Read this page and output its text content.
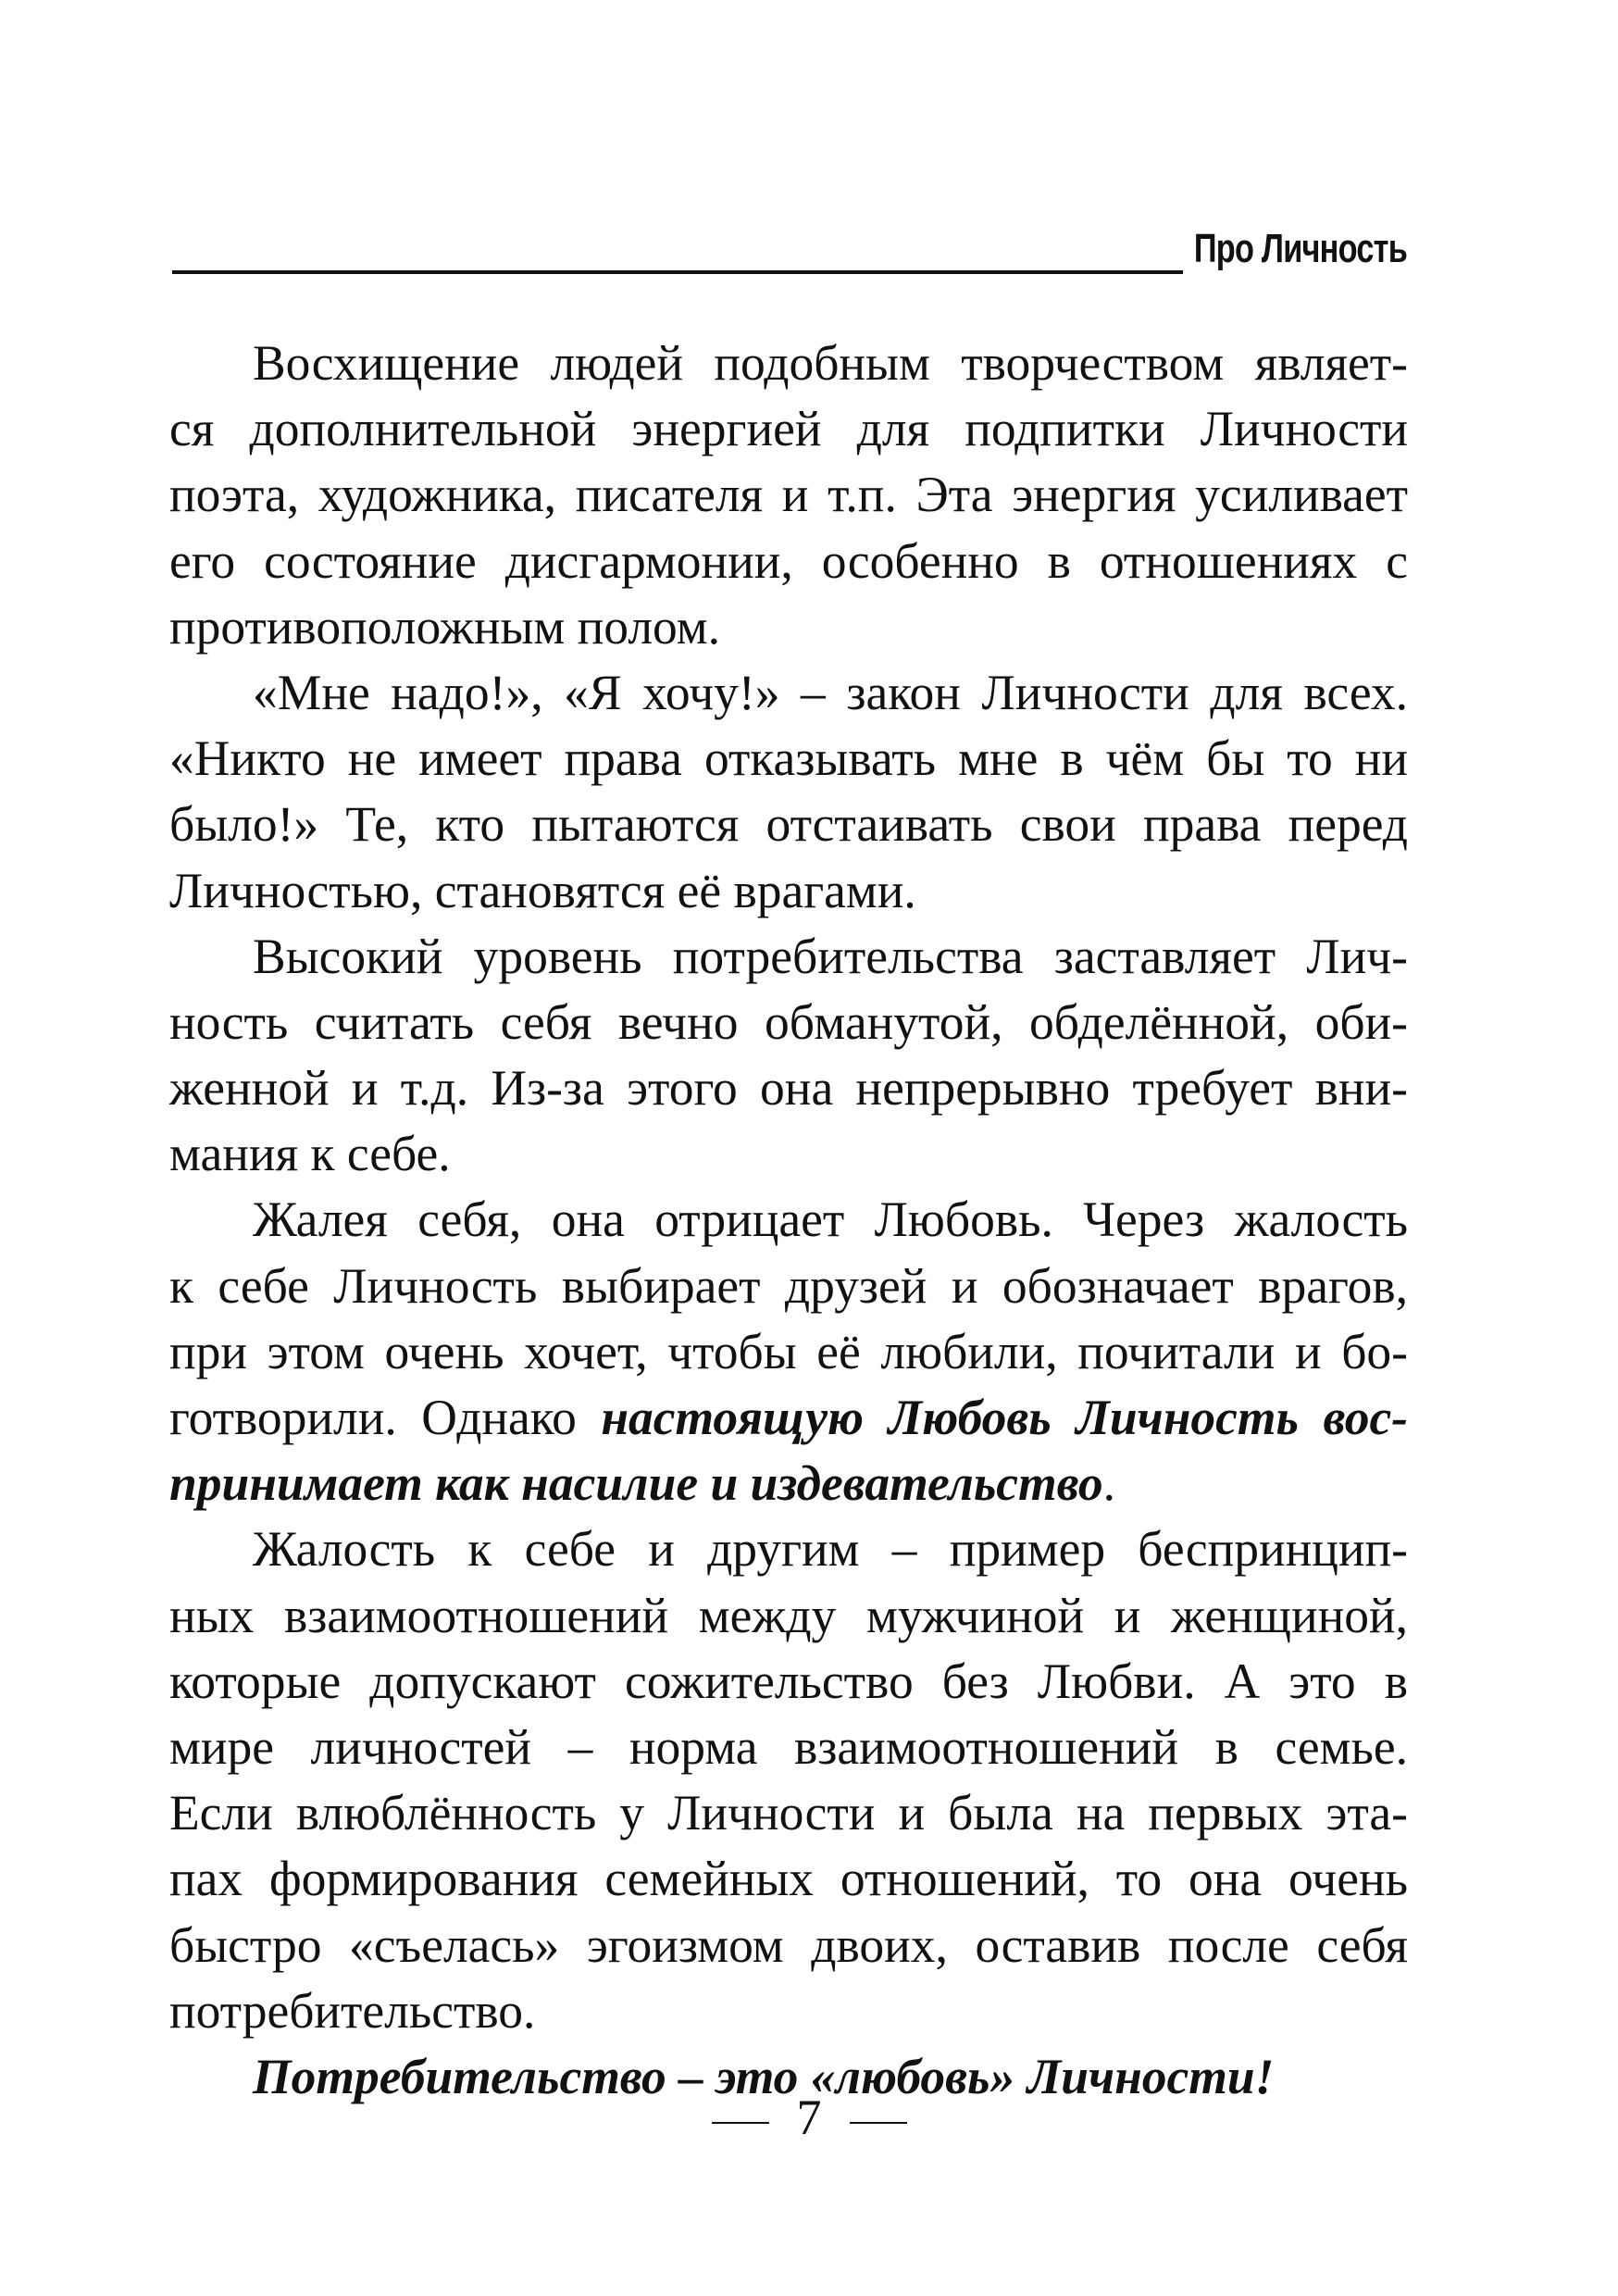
Про Личность
Восхищение людей подобным творчеством являет-
ся дополнительной энергией для подпитки Личности
поэта, художника, писателя и т.п. Эта энергия усиливает
его состояние дисгармонии, особенно в отношениях с
противоположным полом.
«Мне надо!», «Я хочу!» – закон Личности для всех.
«Никто не имеет права отказывать мне в чём бы то ни
было!» Те, кто пытаются отстаивать свои права перед
Личностью, становятся её врагами.
Высокий уровень потребительства заставляет Лич-
ность считать себя вечно обманутой, обделённой, оби-
женной и т.д. Из-за этого она непрерывно требует вни-
мания к себе.
Жалея себя, она отрицает Любовь. Через жалость
к себе Личность выбирает друзей и обозначает врагов,
при этом очень хочет, чтобы её любили, почитали и бо-
готворили. Однако настоящую Любовь Личность вос-
принимает как насилие и издевательство.
Жалость к себе и другим – пример беспринцип-
ных взаимоотношений между мужчиной и женщиной,
которые допускают сожительство без Любви. А это в
мире личностей – норма взаимоотношений в семье.
Если влюблённость у Личности и была на первых эта-
пах формирования семейных отношений, то она очень
быстро «съелась» эгоизмом двоих, оставив после себя
потребительство.
Потребительство – это «любовь» Личности!
7
